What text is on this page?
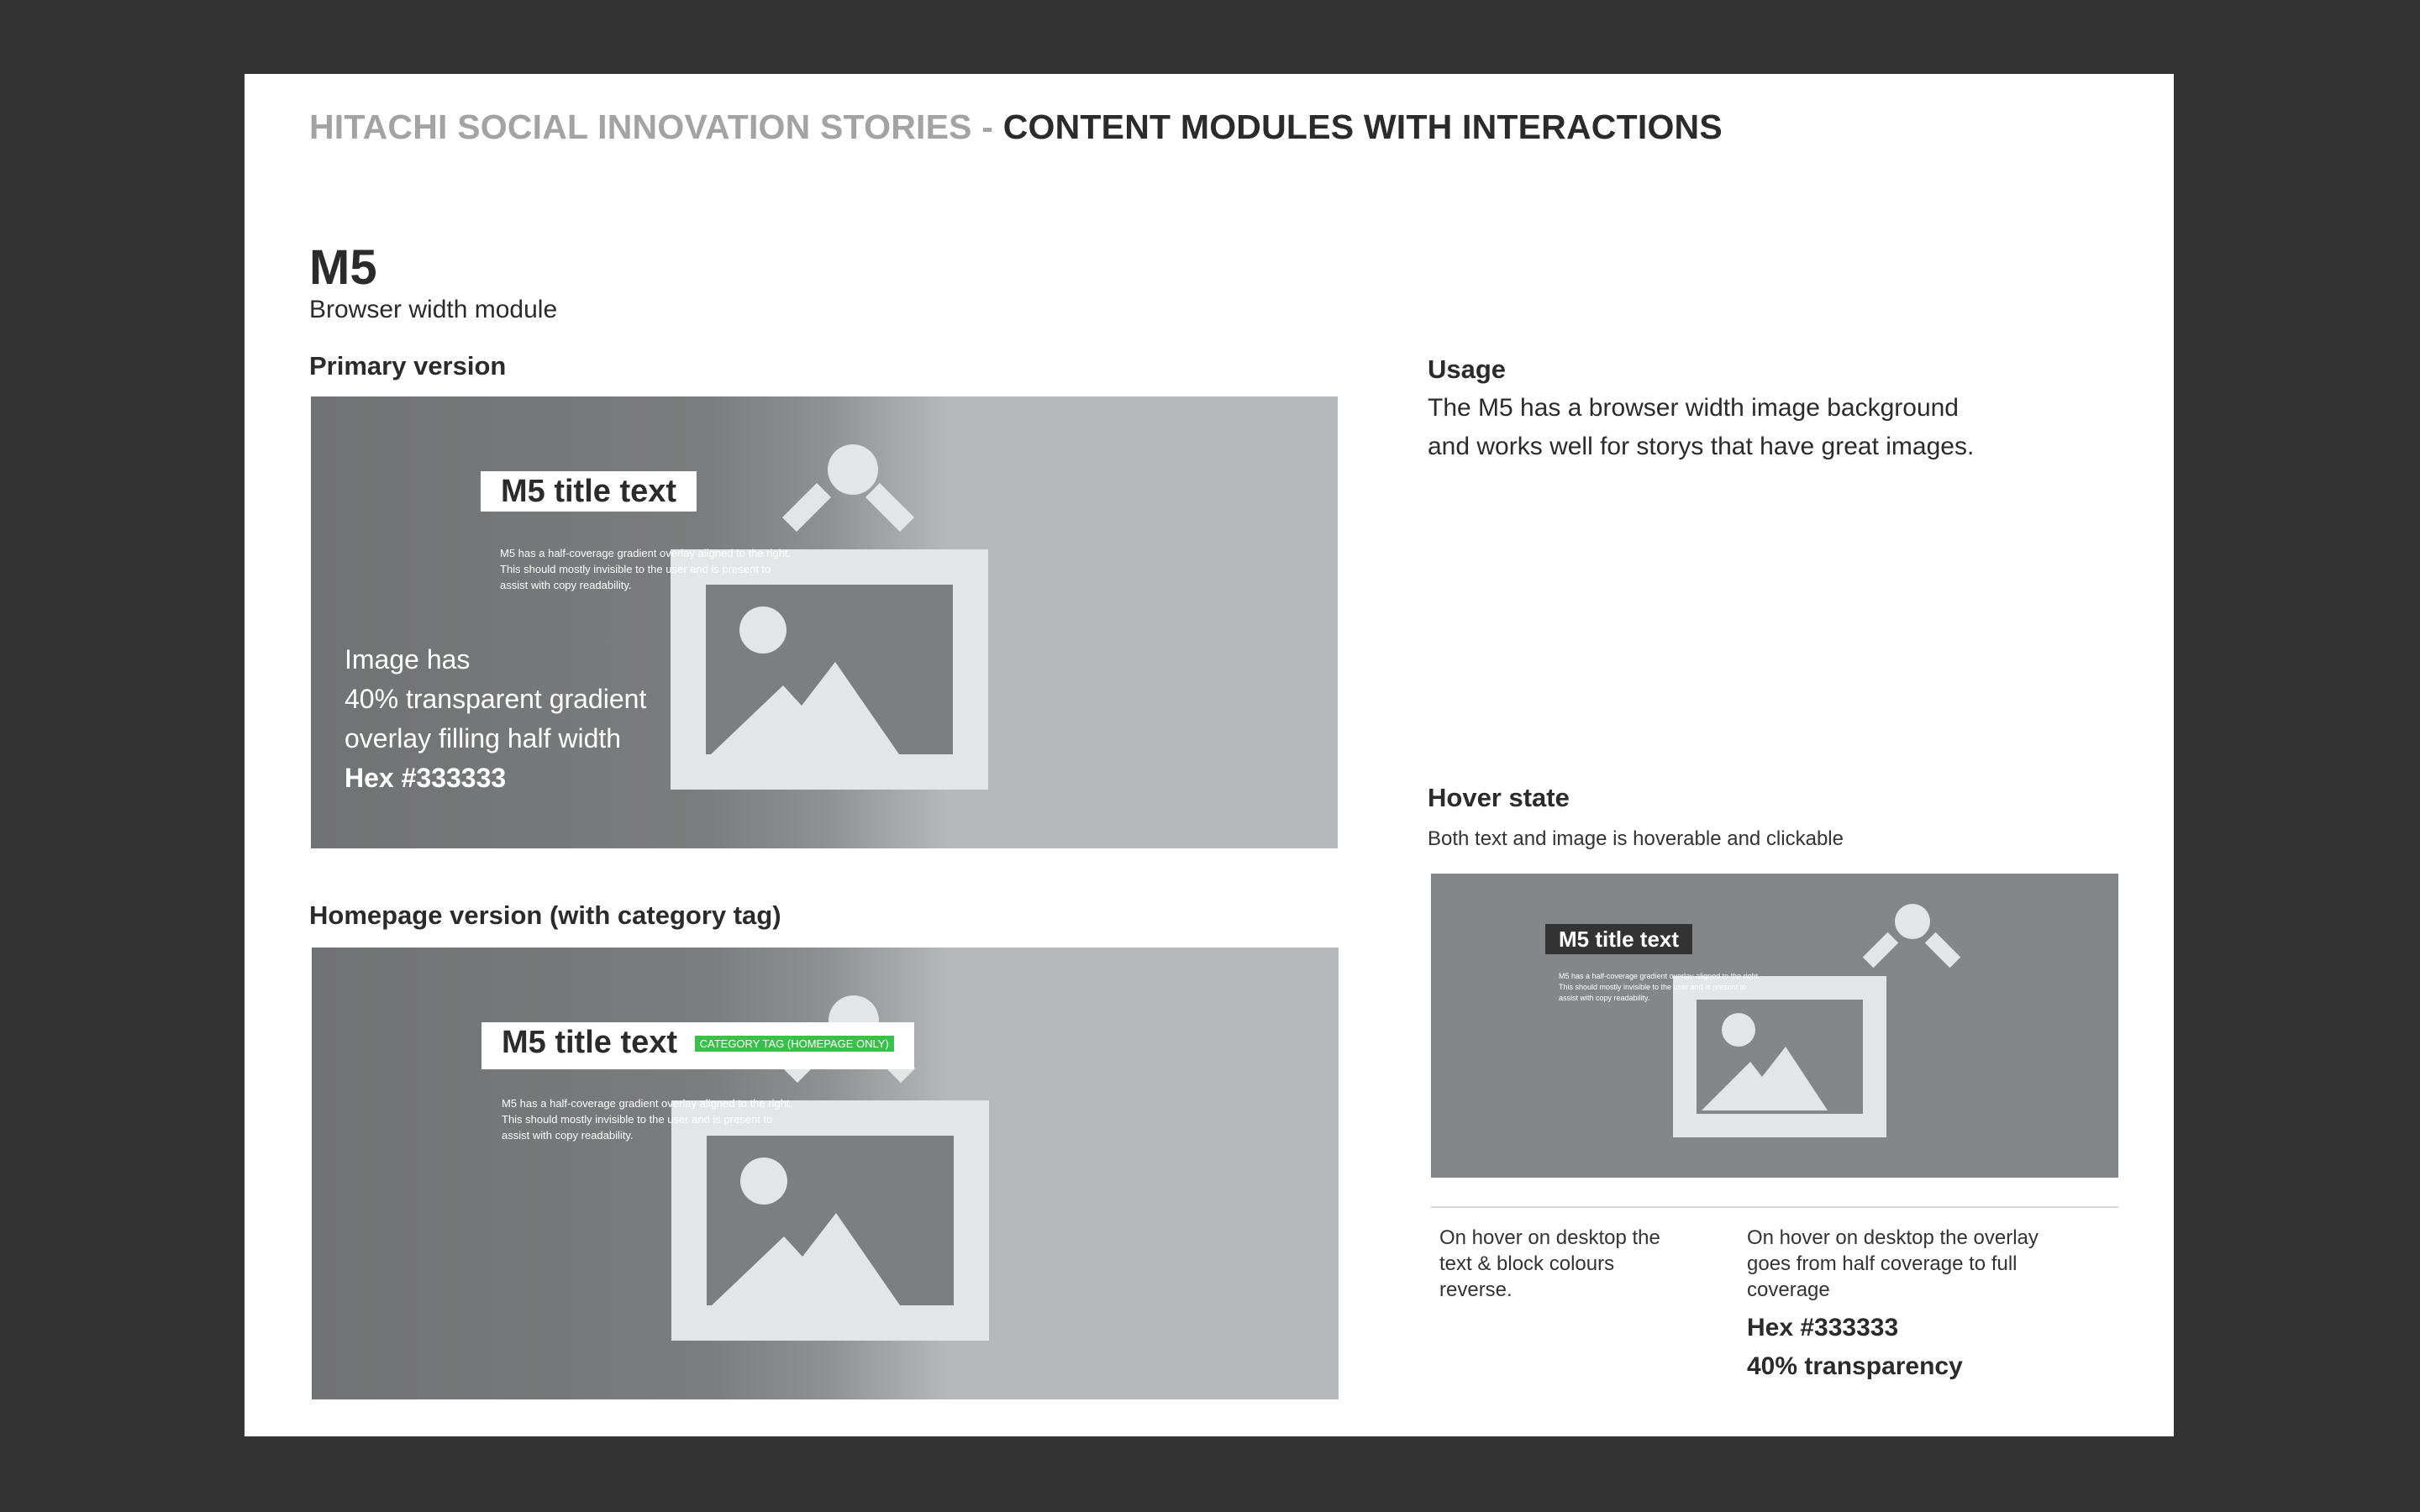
HITACHI SOCIAL INNOVATION STORIES - CONTENT MODULES WITH INTERACTIONS
M5
Browser width module
Primary version
M5 title text
M5 has a half-coverage gradient overlay aligned to the right.
This should mostly invisible to the user and is present to
assist with copy readability.
Image has
40% transparent gradient
overlay filling half width
Hex #333333
Homepage version (with category tag)
M5 title text CATEGORY TAG (HOMEPAGE ONLY)
M5 has a half-coverage gradient overlay aligned to the right.
This should mostly invisible to the user and is present to
assist with copy readability.
Usage
The M5 has a browser width image background
and works well for storys that have great images.
Hover state
Both text and image is hoverable and clickable
M5 title text
M5 has a half-coverage gradient overlay aligned to the right.
This should mostly invisible to the user and is present to
assist with copy readability.
On hover on desktop the
text & block colours
reverse.
On hover on desktop the overlay
goes from half coverage to full
coverage
Hex #333333
40% transparency
